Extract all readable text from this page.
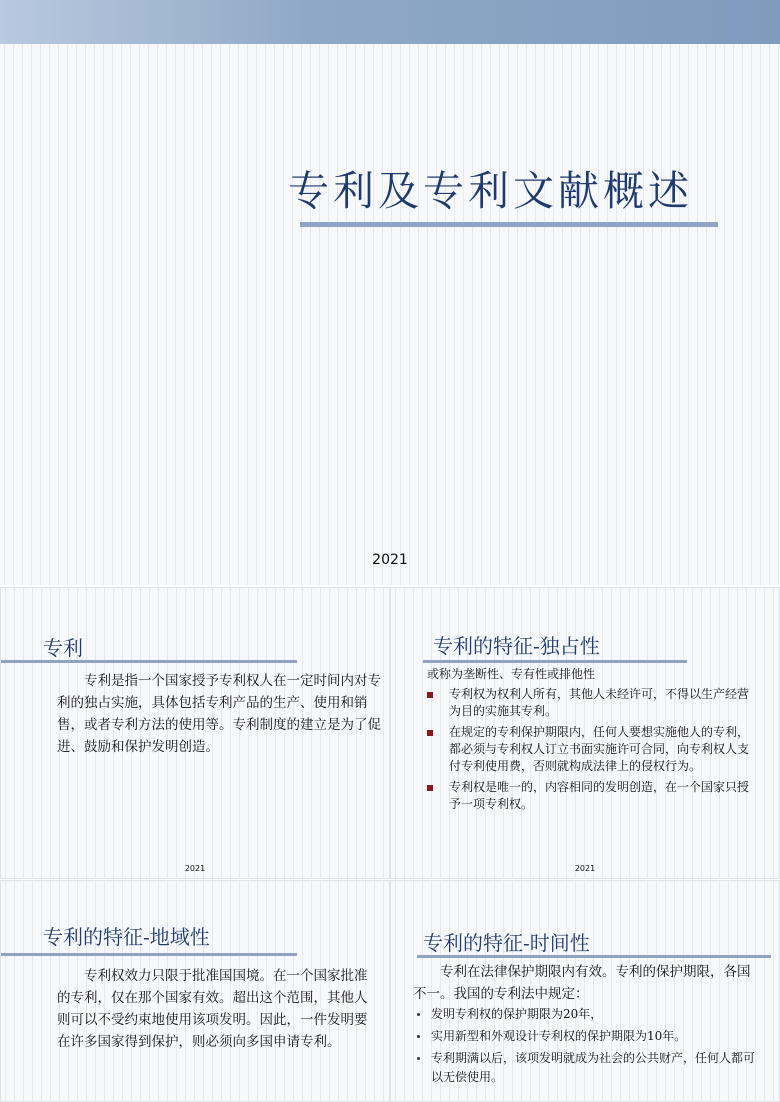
专利及专利文献概述
2021
专利
专利是指一个国家授予专利权人在一定时间内对专利的独占实施，具体包括专利产品的生产、使用和销售，或者专利方法的使用等。专利制度的建立是为了促进、鼓励和保护发明创造。
2021
专利的特征-独占性
或称为垄断性、专有性或排他性
专利权为权利人所有，其他人未经许可，不得以生产经营为目的实施其专利。
在规定的专利保护期限内，任何人要想实施他人的专利，都必须与专利权人订立书面实施许可合同，向专利权人支付专利使用费，否则就构成法律上的侵权行为。
专利权是唯一的，内容相同的发明创造，在一个国家只授予一项专利权。
2021
专利的特征-地域性
专利权效力只限于批准国国境。在一个国家批准的专利，仅在那个国家有效。超出这个范围，其他人则可以不受约束地使用该项发明。因此，一件发明要在许多国家得到保护，则必须向多国申请专利。
专利的特征-时间性
专利在法律保护期限内有效。专利的保护期限，各国不一。我国的专利法中规定：
发明专利权的保护期限为20年，
实用新型和外观设计专利权的保护期限为10年。
专利期满以后，该项发明就成为社会的公共财产，任何人都可以无偿使用。
